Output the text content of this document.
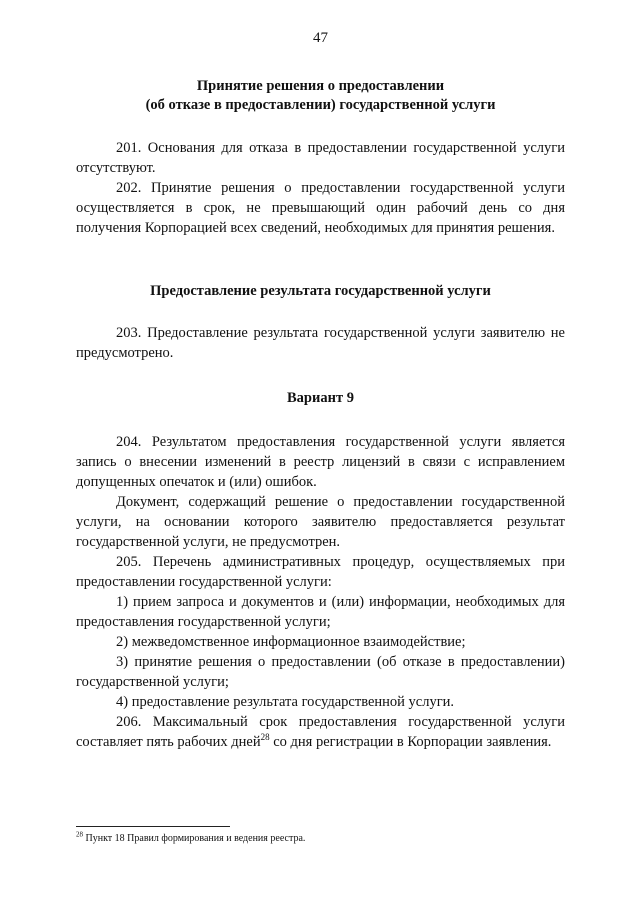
47
Принятие решения о предоставлении
(об отказе в предоставлении) государственной услуги
201. Основания для отказа в предоставлении государственной услуги отсутствуют.
202. Принятие решения о предоставлении государственной услуги осуществляется в срок, не превышающий один рабочий день со дня получения Корпорацией всех сведений, необходимых для принятия решения.
Предоставление результата государственной услуги
203. Предоставление результата государственной услуги заявителю не предусмотрено.
Вариант 9
204. Результатом предоставления государственной услуги является запись о внесении изменений в реестр лицензий в связи с исправлением допущенных опечаток и (или) ошибок.
Документ, содержащий решение о предоставлении государственной услуги, на основании которого заявителю предоставляется результат государственной услуги, не предусмотрен.
205. Перечень административных процедур, осуществляемых при предоставлении государственной услуги:
1) прием запроса и документов и (или) информации, необходимых для предоставления государственной услуги;
2) межведомственное информационное взаимодействие;
3) принятие решения о предоставлении (об отказе в предоставлении) государственной услуги;
4) предоставление результата государственной услуги.
206. Максимальный срок предоставления государственной услуги составляет пять рабочих дней$^{28}$ со дня регистрации в Корпорации заявления.
$^{28}$ Пункт 18 Правил формирования и ведения реестра.
